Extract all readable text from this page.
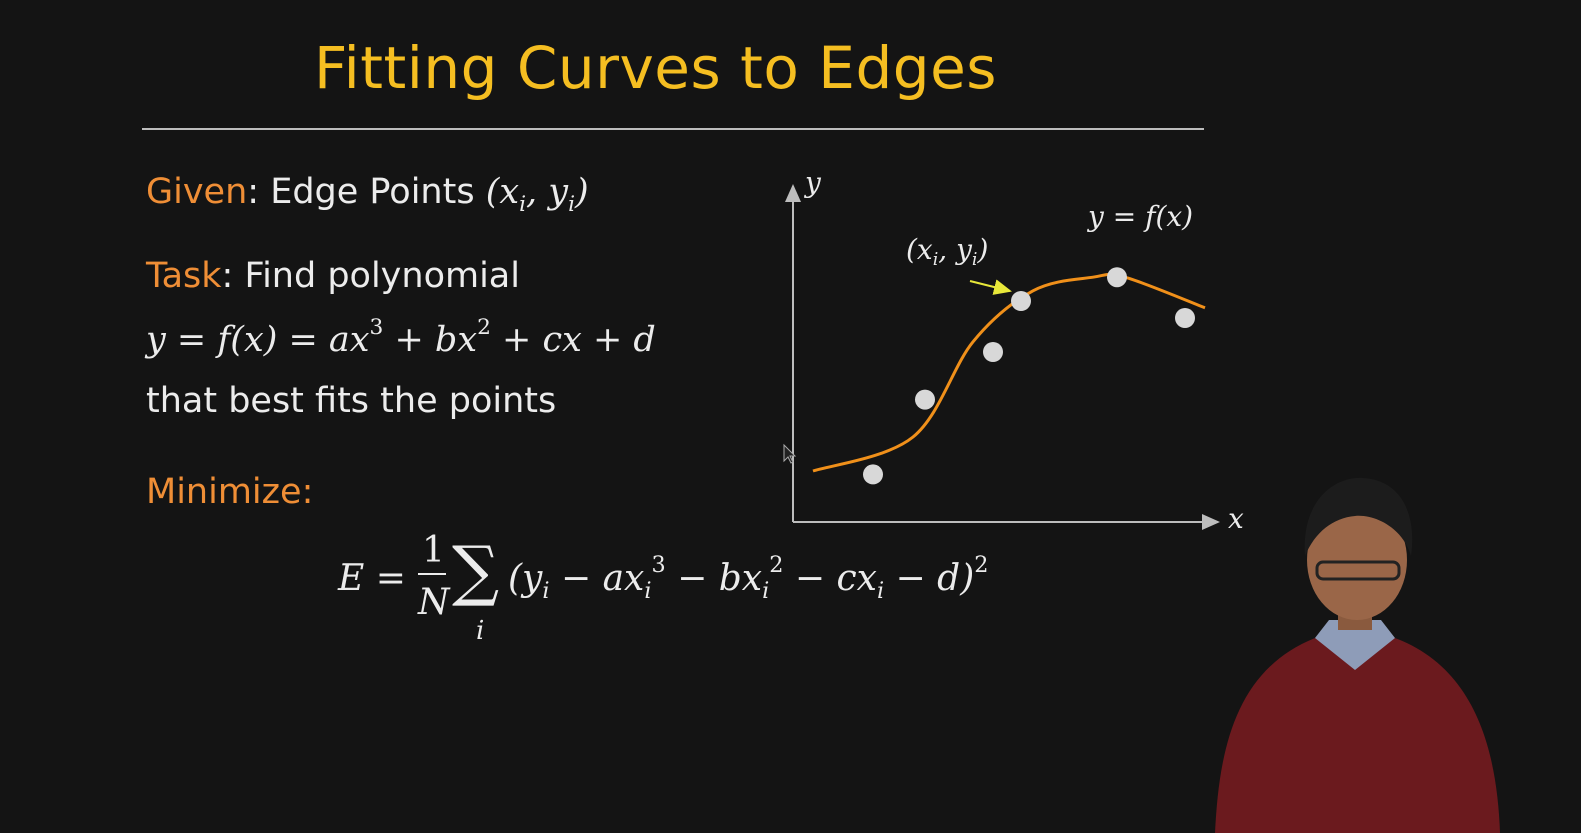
Fitting Curves to Edges
Given: Edge Points ($x_i$, $y_i$)
Task: Find polynomial
$y = f(x) = ax^3 + bx^2$ + cx + d
that best fits the points
Minimize:
E =
1
N ∑
i
$(y_i - ax_i^3 - bx_i^2 - cx_i - d)^2$
y
x
y = f(x)
($x_i$, $y_i$)
